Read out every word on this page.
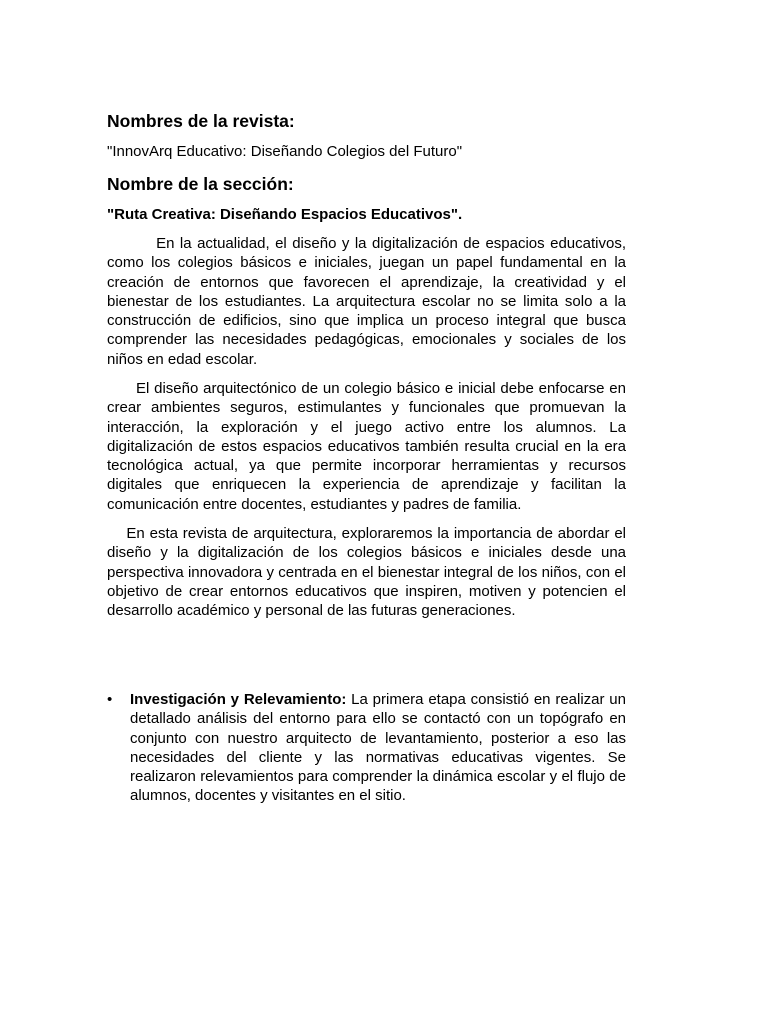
Nombres de la revista:
"InnovArq Educativo: Diseñando Colegios del Futuro"
Nombre de la sección:
"Ruta Creativa: Diseñando Espacios Educativos".
En la actualidad, el diseño y la digitalización de espacios educativos, como los colegios básicos e iniciales, juegan un papel fundamental en la creación de entornos que favorecen el aprendizaje, la creatividad y el bienestar de los estudiantes. La arquitectura escolar no se limita solo a la construcción de edificios, sino que implica un proceso integral que busca comprender las necesidades pedagógicas, emocionales y sociales de los niños en edad escolar.
El diseño arquitectónico de un colegio básico e inicial debe enfocarse en crear ambientes seguros, estimulantes y funcionales que promuevan la interacción, la exploración y el juego activo entre los alumnos. La digitalización de estos espacios educativos también resulta crucial en la era tecnológica actual, ya que permite incorporar herramientas y recursos digitales que enriquecen la experiencia de aprendizaje y facilitan la comunicación entre docentes, estudiantes y padres de familia.
En esta revista de arquitectura, exploraremos la importancia de abordar el diseño y la digitalización de los colegios básicos e iniciales desde una perspectiva innovadora y centrada en el bienestar integral de los niños, con el objetivo de crear entornos educativos que inspiren, motiven y potencien el desarrollo académico y personal de las futuras generaciones.
• Investigación y Relevamiento: La primera etapa consistió en realizar un detallado análisis del entorno para ello se contactó con un topógrafo en conjunto con nuestro arquitecto de levantamiento, posterior a eso las necesidades del cliente y las normativas educativas vigentes. Se realizaron relevamientos para comprender la dinámica escolar y el flujo de alumnos, docentes y visitantes en el sitio.
